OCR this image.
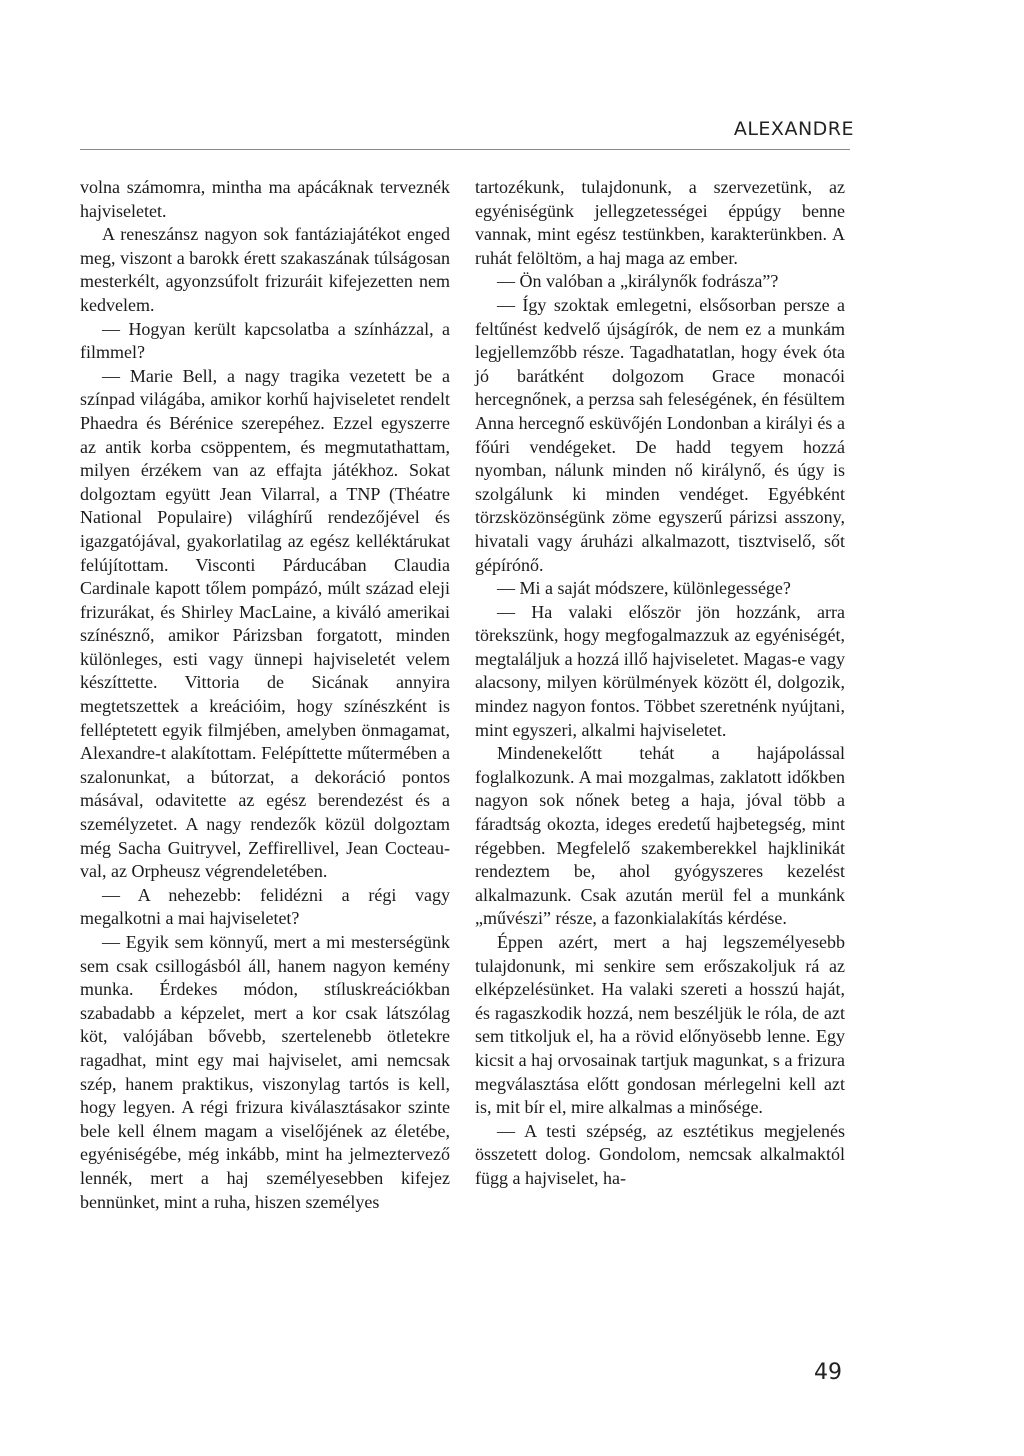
ALEXANDRE

volna számomra, mintha ma apácáknak terveznék hajviseletet.

A reneszánsz nagyon sok fantáziajátékot enged meg, viszont a barokk érett szakaszának túlságosan mesterkélt, agyonzsúfolt frizuráit kifejezetten nem kedvelem.

— Hogyan került kapcsolatba a színházzal, a filmmel?

— Marie Bell, a nagy tragika vezetett be a színpad világába, amikor korhű hajviseletet rendelt Phaedra és Bérénice szerepéhez. Ezzel egyszerre az antik korba csöppentem, és megmutathattam, milyen érzékem van az effajta játékhoz. Sokat dolgoztam együtt Jean Vilarral, a TNP (Théatre National Populaire) világhírű rendezőjével és igazgatójával, gyakorlatilag az egész kelléktárukat felújítottam. Visconti Párducában Claudia Cardinale kapott tőlem pompázó, múlt század eleji frizurákat, és Shirley MacLaine, a kiváló amerikai színésznő, amikor Párizsban forgatott, minden különleges, esti vagy ünnepi hajviseletét velem készíttette. Vittoria de Sicának annyira megtetszettek a kreációim, hogy színészként is felléptetett egyik filmjében, amelyben önmagamat, Alexandre-t alakítottam. Felépíttette műtermében a szalonunkat, a bútorzat, a dekoráció pontos másával, odavitette az egész berendezést és a személyzetet. A nagy rendezők közül dolgoztam még Sacha Guitryvel, Zeffirellivel, Jean Cocteau-val, az Orpheusz végrendeletében.

— A nehezebb: felidézni a régi vagy megalkotni a mai hajviseletet?

— Egyik sem könnyű, mert a mi mesterségünk sem csak csillogásból áll, hanem nagyon kemény munka. Érdekes módon, stíluskreációkban szabadabb a képzelet, mert a kor csak látszólag köt, valójában bővebb, szertelenebb ötletekre ragadhat, mint egy mai hajviselet, ami nemcsak szép, hanem praktikus, viszonylag tartós is kell, hogy legyen. A régi frizura kiválasztásakor szinte bele kell élnem magam a viselőjének az életébe, egyéniségébe, még inkább, mint ha jelmeztervező lennék, mert a haj személyesebben kifejez bennünket, mint a ruha, hiszen személyes

tartozékunk, tulajdonunk, a szervezetünk, az egyéniségünk jellegzetességei éppúgy benne vannak, mint egész testünkben, karakterünkben. A ruhát felöltöm, a haj maga az ember.

— Ön valóban a „királynők fodrásza”?

— Így szoktak emlegetni, elsősorban persze a feltűnést kedvelő újságírók, de nem ez a munkám legjellemzőbb része. Tagadhatatlan, hogy évek óta jó barátként dolgozom Grace monacói hercegnőnek, a perzsa sah feleségének, én fésültem Anna hercegnő esküvőjén Londonban a királyi és a főúri vendégeket. De hadd tegyem hozzá nyomban, nálunk minden nő királynő, és úgy is szolgálunk ki minden vendéget. Egyébként törzsközönségünk zöme egyszerű párizsi asszony, hivatali vagy áruházi alkalmazott, tisztviselő, sőt gépírónő.

— Mi a saját módszere, különlegessége?

— Ha valaki először jön hozzánk, arra törekszünk, hogy megfogalmazzuk az egyéniségét, megtaláljuk a hozzá illő hajviseletet. Magas-e vagy alacsony, milyen körülmények között él, dolgozik, mindez nagyon fontos. Többet szeretnénk nyújtani, mint egyszeri, alkalmi hajviseletet.

Mindenekelőtt tehát a hajápolással foglalkozunk. A mai mozgalmas, zaklatott időkben nagyon sok nőnek beteg a haja, jóval több a fáradtság okozta, ideges eredetű hajbetegség, mint régebben. Megfelelő szakemberekkel hajklinikát rendeztem be, ahol gyógyszeres kezelést alkalmazunk. Csak azután merül fel a munkánk „művészi” része, a fazonkialakítás kérdése.

Éppen azért, mert a haj legszemélyesebb tulajdonunk, mi senkire sem erőszakoljuk rá az elképzelésünket. Ha valaki szereti a hosszú haját, és ragaszkodik hozzá, nem beszéljük le róla, de azt sem titkoljuk el, ha a rövid előnyösebb lenne. Egy kicsit a haj orvosainak tartjuk magunkat, s a frizura megválasztása előtt gondosan mérlegelni kell azt is, mit bír el, mire alkalmas a minősége.

— A testi szépség, az esztétikus megjelenés összetett dolog. Gondolom, nemcsak alkalmaktól függ a hajviselet, ha-

49
